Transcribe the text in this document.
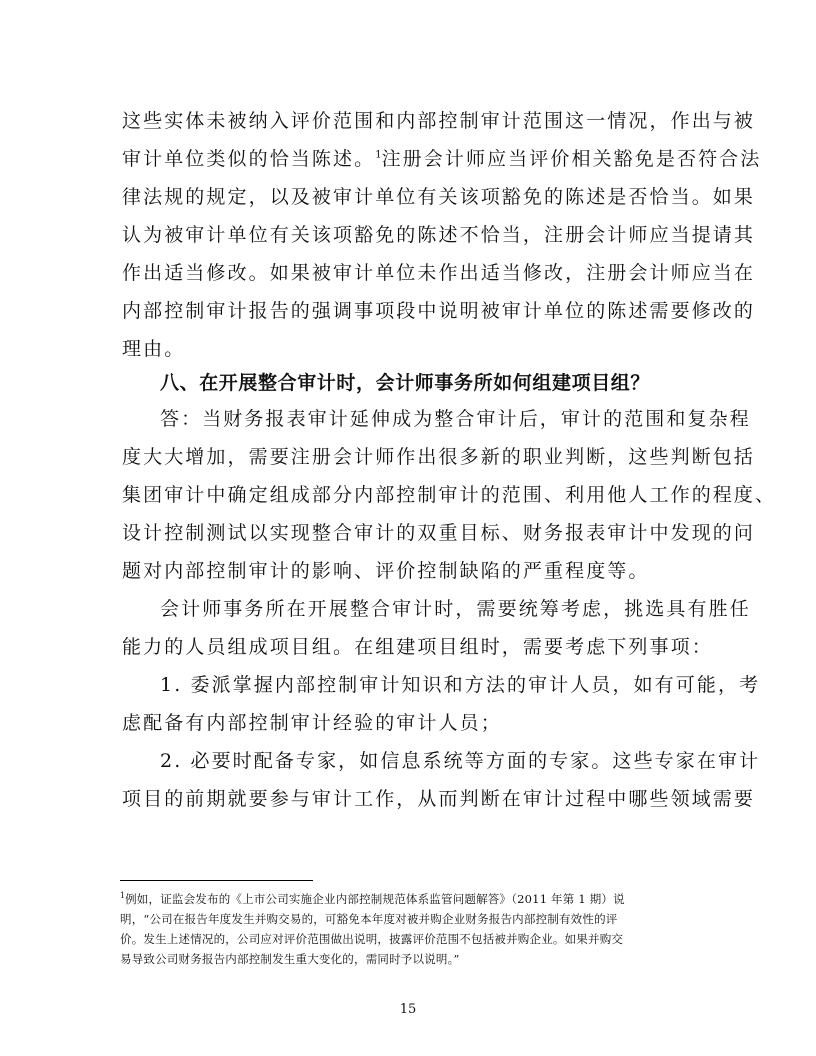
这些实体未被纳入评价范围和内部控制审计范围这一情况，作出与被
审计单位类似的恰当陈述。$^1$注册会计师应当评价相关豁免是否符合法
律法规的规定，以及被审计单位有关该项豁免的陈述是否恰当。如果
认为被审计单位有关该项豁免的陈述不恰当，注册会计师应当提请其
作出适当修改。如果被审计单位未作出适当修改，注册会计师应当在
内部控制审计报告的强调事项段中说明被审计单位的陈述需要修改的
理由。
八、在开展整合审计时，会计师事务所如何组建项目组？
答：当财务报表审计延伸成为整合审计后，审计的范围和复杂程
度大大增加，需要注册会计师作出很多新的职业判断，这些判断包括
集团审计中确定组成部分内部控制审计的范围、利用他人工作的程度、
设计控制测试以实现整合审计的双重目标、财务报表审计中发现的问
题对内部控制审计的影响、评价控制缺陷的严重程度等。
会计师事务所在开展整合审计时，需要统筹考虑，挑选具有胜任
能力的人员组成项目组。在组建项目组时，需要考虑下列事项：
1. 委派掌握内部控制审计知识和方法的审计人员，如有可能，考
虑配备有内部控制审计经验的审计人员；
2. 必要时配备专家，如信息系统等方面的专家。这些专家在审计
项目的前期就要参与审计工作，从而判断在审计过程中哪些领域需要
$^1$例如，证监会发布的《上市公司实施企业内部控制规范体系监管问题解答》（2011 年第 1 期）说
明，“公司在报告年度发生并购交易的，可豁免本年度对被并购企业财务报告内部控制有效性的评
价。发生上述情况的，公司应对评价范围做出说明，披露评价范围不包括被并购企业。如果并购交
易导致公司财务报告内部控制发生重大变化的，需同时予以说明。”
15
